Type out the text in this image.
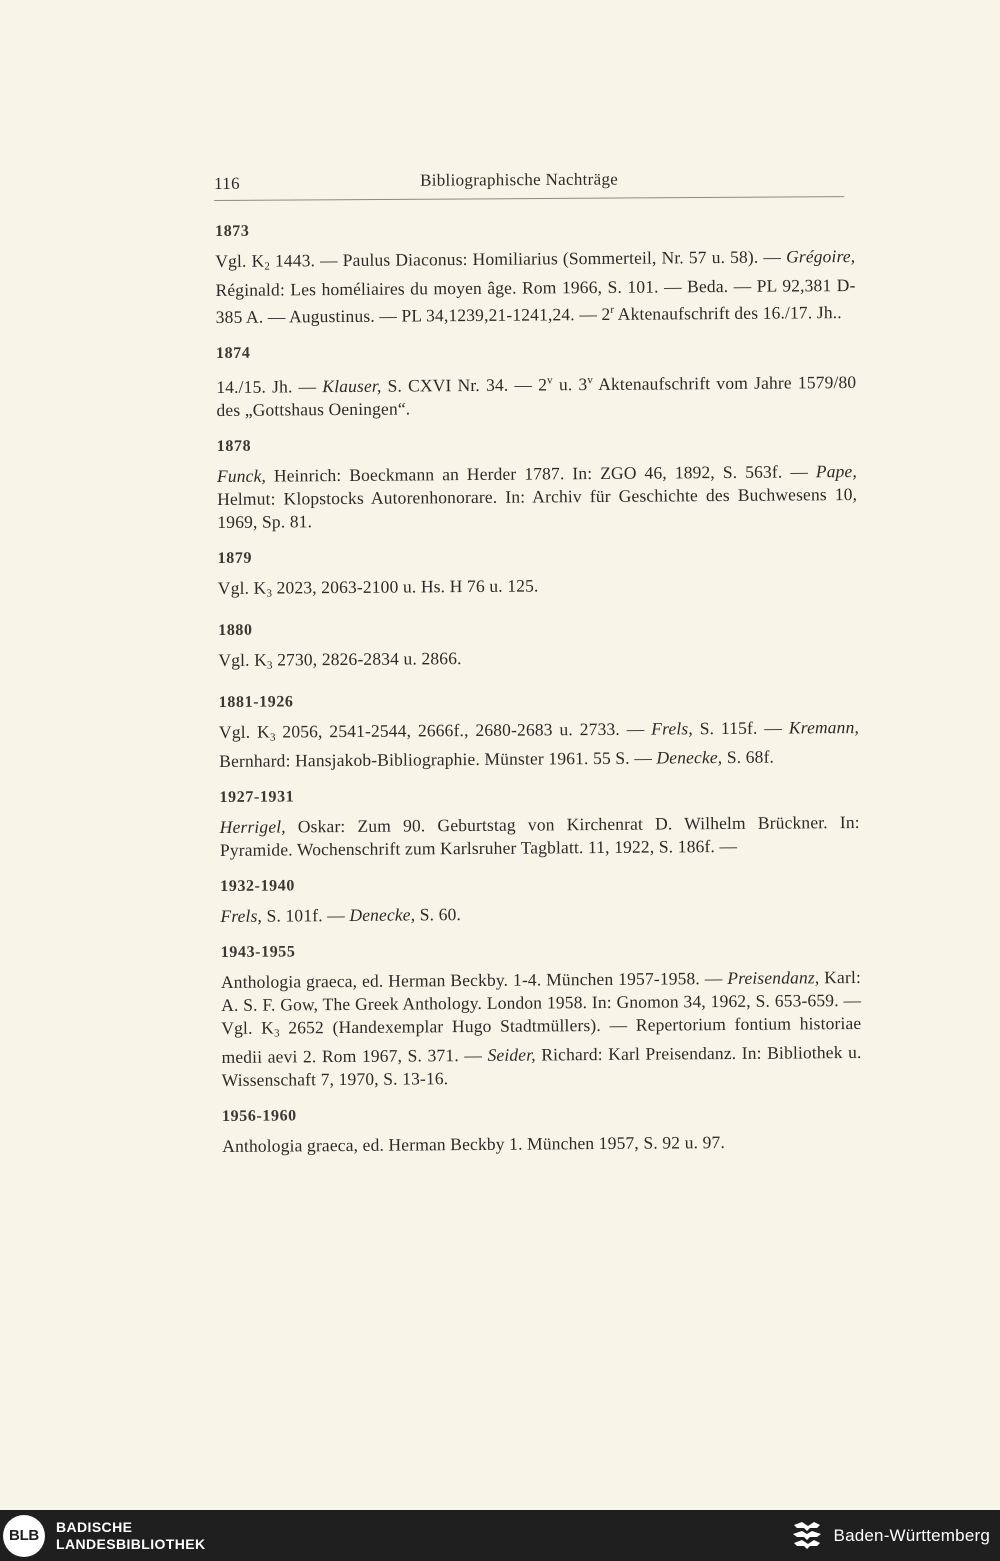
116	Bibliographische Nachträge
1873

Vgl. $K_2$ 1443. — Paulus Diaconus: Homiliarius (Sommerteil, Nr. 57 u. 58). — Grégoire, Réginald: Les homéliaires du moyen âge. Rom 1966, S. 101. — Beda. — PL 92,381 D-385 A. — Augustinus. — PL 34,1239,21-1241,24. — 2$^r$ Aktenaufschrift des 16./17. Jh..

1874

14./15. Jh. — Klauser, S. CXVI Nr. 34. — 2$^v$ u. 3$^v$ Aktenaufschrift vom Jahre 1579/80 des „Gottshaus Oeningen“.

1878

Funck, Heinrich: Boeckmann an Herder 1787. In: ZGO 46, 1892, S. 563f. — Pape, Helmut: Klopstocks Autorenhonorare. In: Archiv für Geschichte des Buchwesens 10, 1969, Sp. 81.

1879

Vgl. $K_3$ 2023, 2063-2100 u. Hs. H 76 u. 125.

1880

Vgl. $K_3$ 2730, 2826-2834 u. 2866.

1881-1926

Vgl. $K_3$ 2056, 2541-2544, 2666f., 2680-2683 u. 2733. — Frels, S. 115f. — Kremann, Bernhard: Hansjakob-Bibliographie. Münster 1961. 55 S. — Denecke, S. 68f.

1927-1931

Herrigel, Oskar: Zum 90. Geburtstag von Kirchenrat D. Wilhelm Brückner. In: Pyramide. Wochenschrift zum Karlsruher Tagblatt. 11, 1922, S. 186f. —

1932-1940

Frels, S. 101f. — Denecke, S. 60.

1943-1955

Anthologia graeca, ed. Herman Beckby. 1-4. München 1957-1958. — Preisendanz, Karl: A. S. F. Gow, The Greek Anthology. London 1958. In: Gnomon 34, 1962, S. 653-659. — Vgl. $K_3$ 2652 (Handexemplar Hugo Stadtmüllers). — Repertorium fontium historiae medii aevi 2. Rom 1967, S. 371. — Seider, Richard: Karl Preisendanz. In: Bibliothek u. Wissenschaft 7, 1970, S. 13-16.

1956-1960

Anthologia graeca, ed. Herman Beckby 1. München 1957, S. 92 u. 97.

BLB	BADISCHE
LANDESBIBLIOTHEK	Baden-Württemberg
